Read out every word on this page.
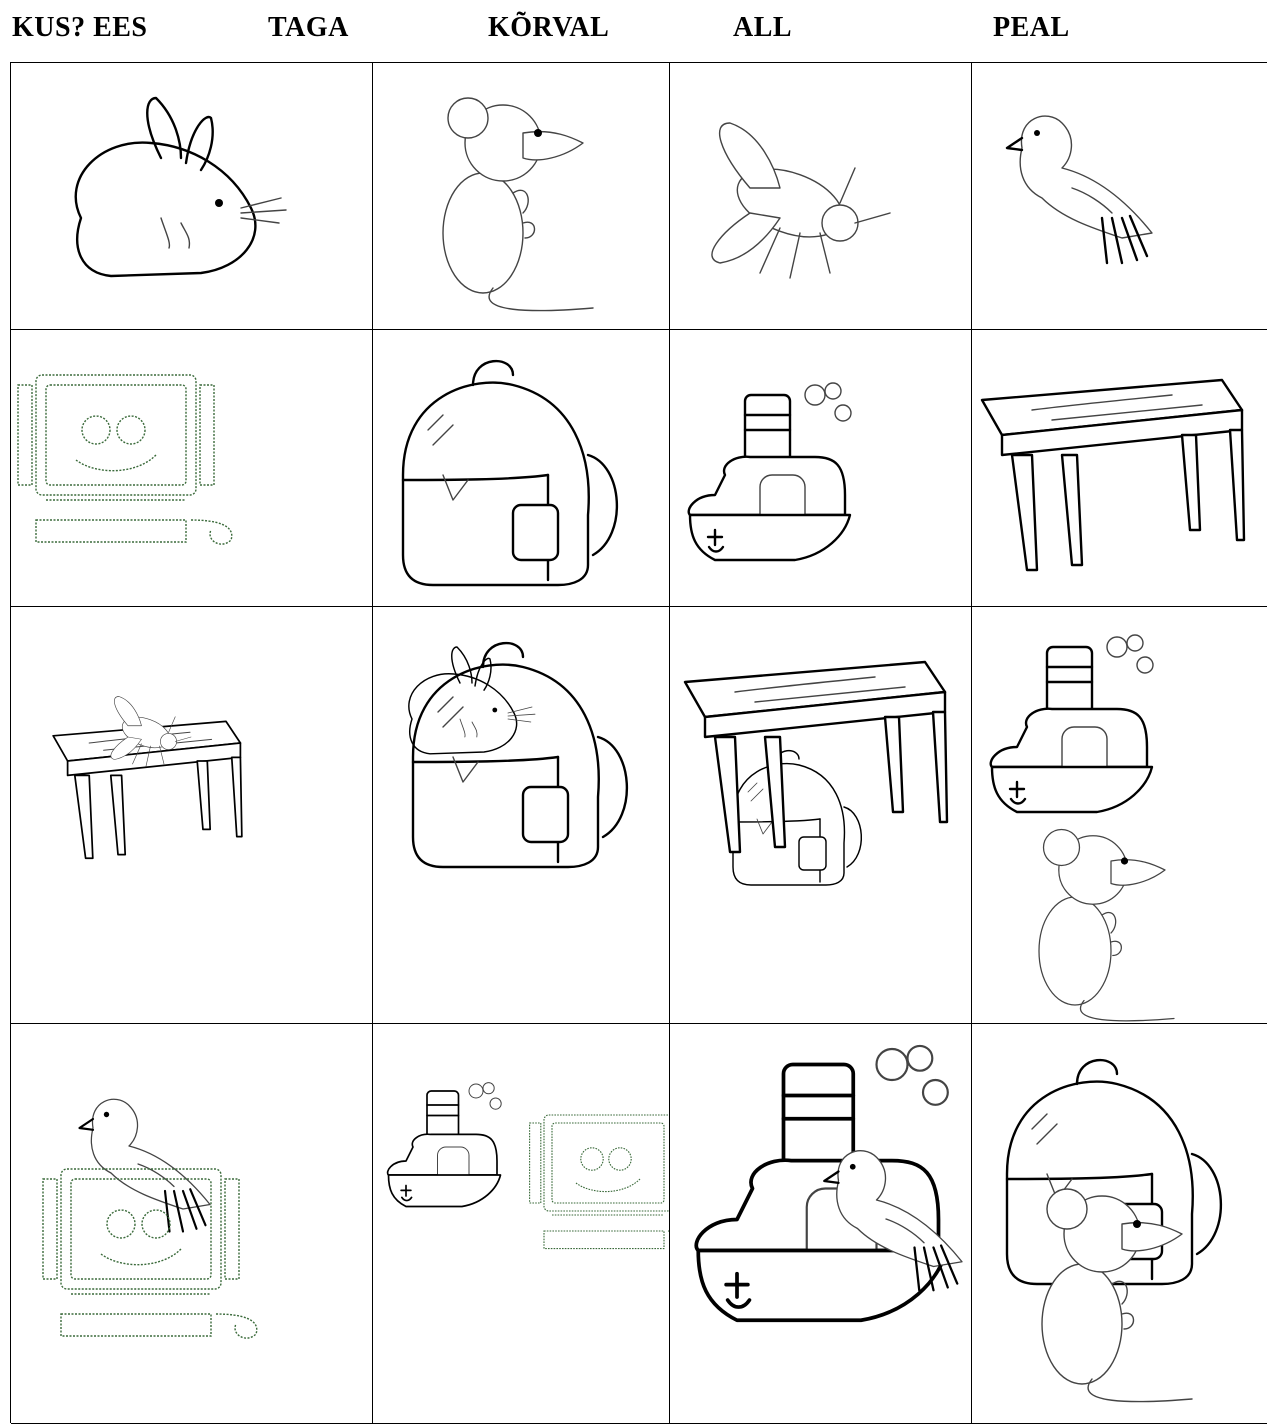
KUS? EES	TAGA	KÕRVAL	ALL	PEAL
